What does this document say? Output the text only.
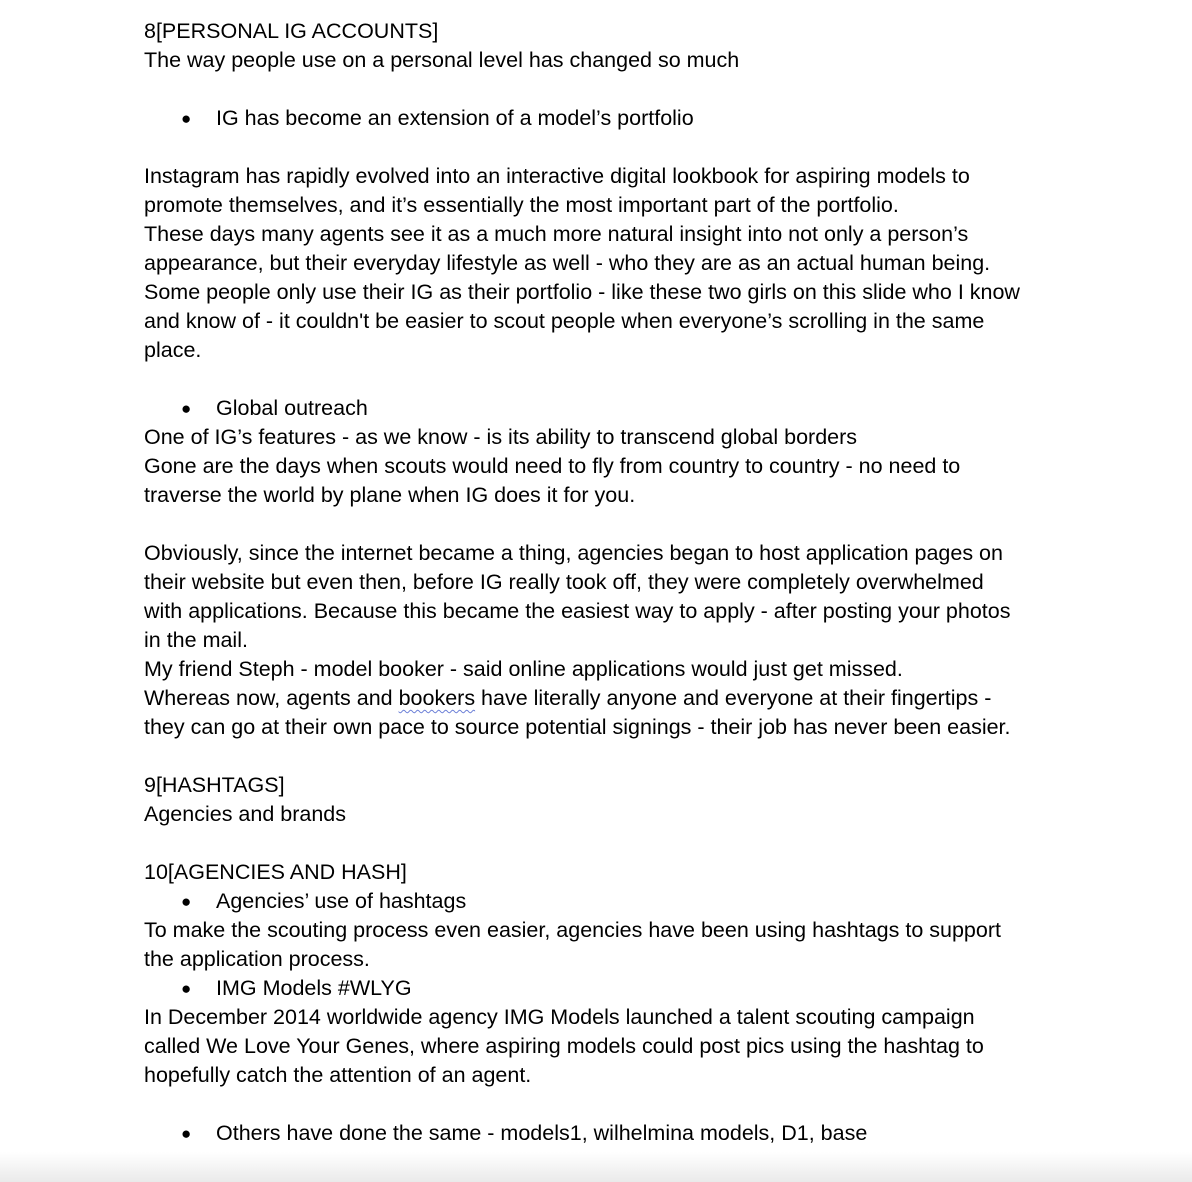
8[PERSONAL IG ACCOUNTS]
The way people use on a personal level has changed so much
● IG has become an extension of a model’s portfolio
Instagram has rapidly evolved into an interactive digital lookbook for aspiring models to
promote themselves, and it’s essentially the most important part of the portfolio.
These days many agents see it as a much more natural insight into not only a person’s
appearance, but their everyday lifestyle as well - who they are as an actual human being.
Some people only use their IG as their portfolio - like these two girls on this slide who I know
and know of - it couldn't be easier to scout people when everyone’s scrolling in the same
place.
● Global outreach
One of IG’s features - as we know - is its ability to transcend global borders
Gone are the days when scouts would need to fly from country to country - no need to
traverse the world by plane when IG does it for you.
Obviously, since the internet became a thing, agencies began to host application pages on
their website but even then, before IG really took off, they were completely overwhelmed
with applications. Because this became the easiest way to apply - after posting your photos
in the mail.
My friend Steph - model booker - said online applications would just get missed.
Whereas now, agents and bookers have literally anyone and everyone at their fingertips -
they can go at their own pace to source potential signings - their job has never been easier.
9[HASHTAGS]
Agencies and brands
10[AGENCIES AND HASH]
● Agencies’ use of hashtags
To make the scouting process even easier, agencies have been using hashtags to support
the application process.
● IMG Models #WLYG
In December 2014 worldwide agency IMG Models launched a talent scouting campaign
called We Love Your Genes, where aspiring models could post pics using the hashtag to
hopefully catch the attention of an agent.
● Others have done the same - models1, wilhelmina models, D1, base
